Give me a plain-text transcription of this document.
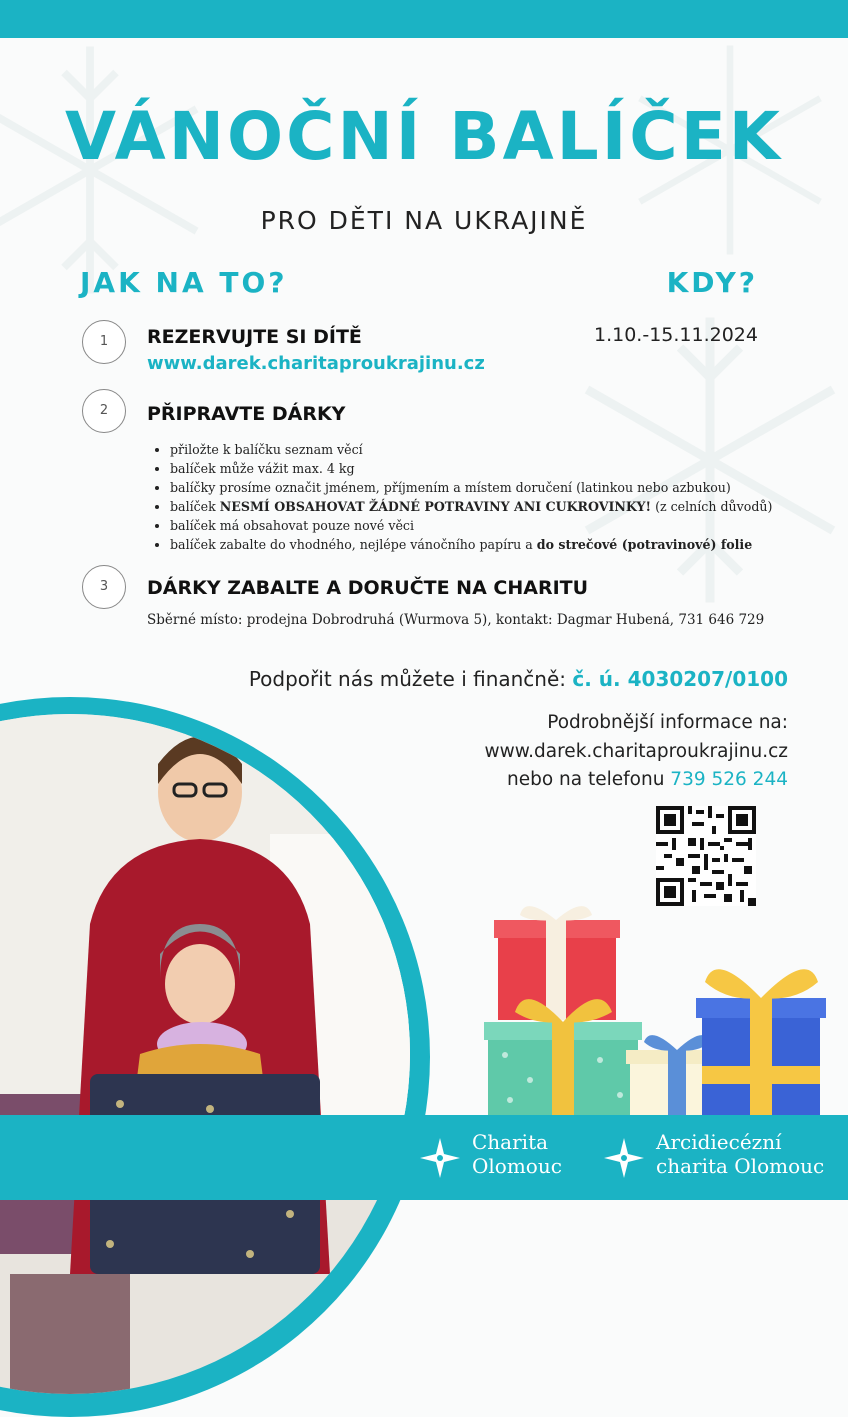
VÁNOČNÍ BALÍČEK
PRO DĚTI NA UKRAJINĚ
JAK NA TO?	KDY?
1.10.-15.11.2024
1	REZERVUJTE SI DÍTĚ
www.darek.charitaproukrajinu.cz
2	PŘIPRAVTE DÁRKY
• přiložte k balíčku seznam věcí
• balíček může vážit max. 4 kg
• balíčky prosíme označit jménem, příjmením a místem doručení (latinkou nebo azbukou)
• balíček NESMÍ OBSAHOVAT ŽÁDNÉ POTRAVINY ANI CUKROVINKY! (z celních důvodů)
• balíček má obsahovat pouze nové věci
• balíček zabalte do vhodného, nejlépe vánočního papíru a do strečové (potravinové) folie
3	DÁRKY ZABALTE A DORUČTE NA CHARITU
Sběrné místo: prodejna Dobrodruhá (Wurmova 5), kontakt: Dagmar Hubená, 731 646 729
Podpořit nás můžete i finančně: č. ú. 4030207/0100
Podrobnější informace na:
www.darek.charitaproukrajinu.cz
nebo na telefonu 739 526 244
Charita
Olomouc
Arcidiecézní
charita Olomouc
